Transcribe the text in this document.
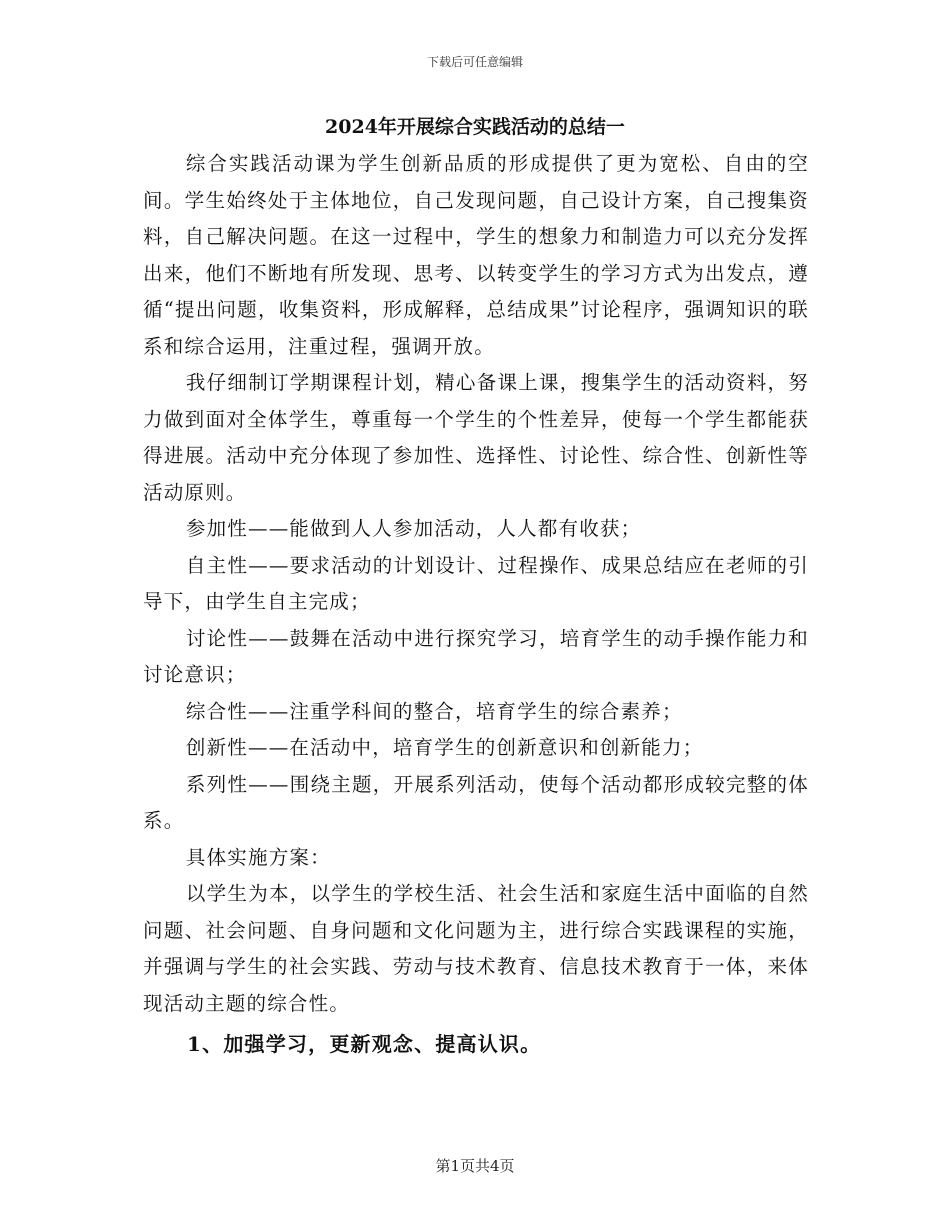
下载后可任意编辑
2024年开展综合实践活动的总结一

综合实践活动课为学生创新品质的形成提供了更为宽松、自由的空间。学生始终处于主体地位，自己发现问题，自己设计方案，自己搜集资料，自己解决问题。在这一过程中，学生的想象力和制造力可以充分发挥出来，他们不断地有所发现、思考、以转变学生的学习方式为出发点，遵循“提出问题，收集资料，形成解释，总结成果”讨论程序，强调知识的联系和综合运用，注重过程，强调开放。

我仔细制订学期课程计划，精心备课上课，搜集学生的活动资料，努力做到面对全体学生，尊重每一个学生的个性差异，使每一个学生都能获得进展。活动中充分体现了参加性、选择性、讨论性、综合性、创新性等活动原则。

参加性——能做到人人参加活动，人人都有收获；

自主性——要求活动的计划设计、过程操作、成果总结应在老师的引导下，由学生自主完成；

讨论性——鼓舞在活动中进行探究学习，培育学生的动手操作能力和讨论意识；

综合性——注重学科间的整合，培育学生的综合素养；

创新性——在活动中，培育学生的创新意识和创新能力；

系列性——围绕主题，开展系列活动，使每个活动都形成较完整的体系。

具体实施方案：

以学生为本，以学生的学校生活、社会生活和家庭生活中面临的自然问题、社会问题、自身问题和文化问题为主，进行综合实践课程的实施，并强调与学生的社会实践、劳动与技术教育、信息技术教育于一体，来体现活动主题的综合性。

1、加强学习，更新观念、提高认识。

第1页共4页
